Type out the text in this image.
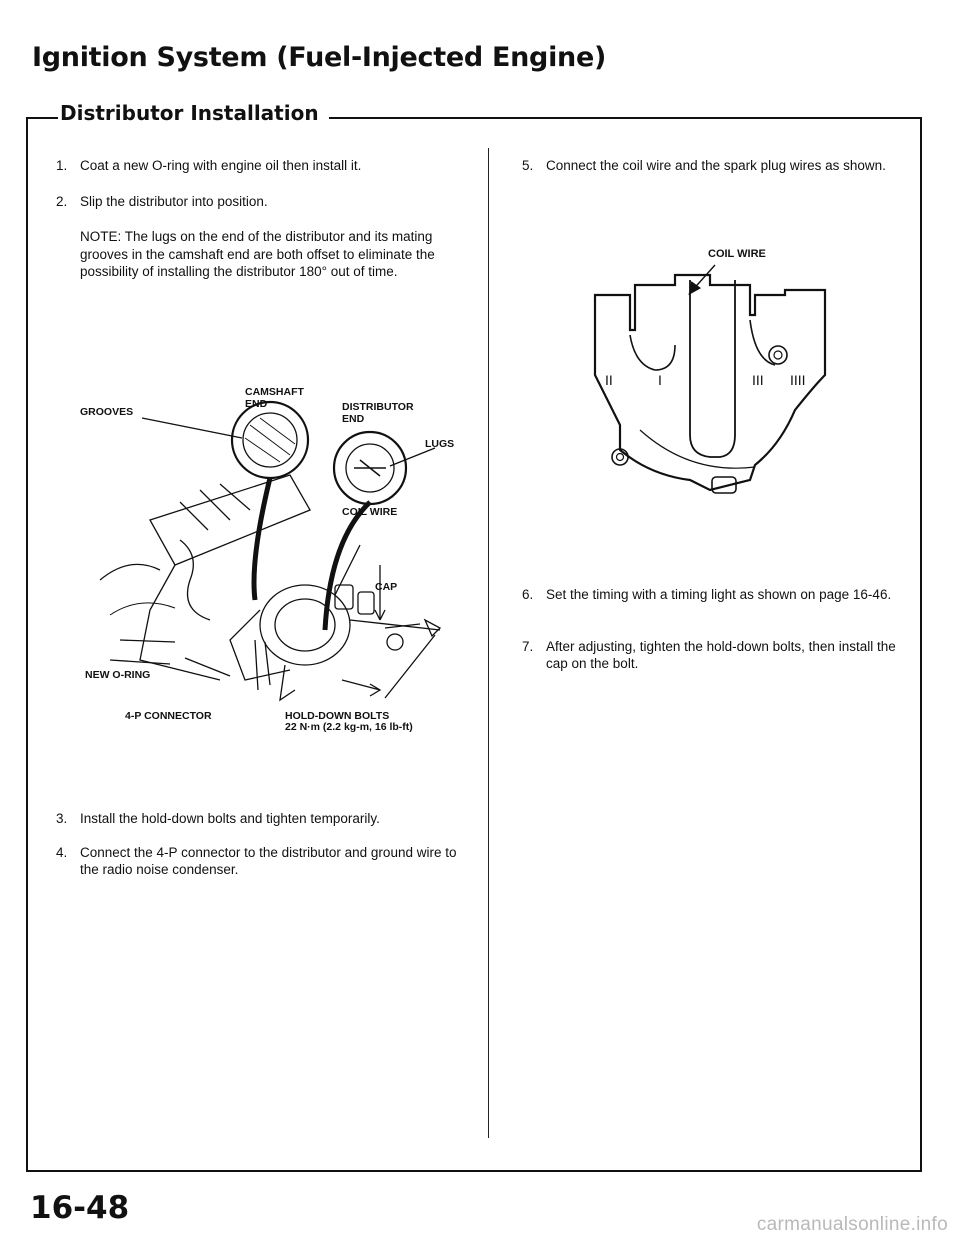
Ignition System (Fuel-Injected Engine)
Distributor Installation
1. Coat a new O-ring with engine oil then install it.
2. Slip the distributor into position.
NOTE: The lugs on the end of the distributor and its mating grooves in the camshaft end are both offset to eliminate the possibility of installing the distributor 180° out of time.
CAMSHAFT
END
GROOVES	DISTRIBUTOR
END
LUGS
COIL WIRE
CAP
NEW O-RING
4-P CONNECTOR	HOLD-DOWN BOLTS
22 N·m (2.2 kg-m, 16 lb-ft)
3. Install the hold-down bolts and tighten temporarily.
4. Connect the 4-P connector to the distributor and ground wire to the radio noise condenser.
5. Connect the coil wire and the spark plug wires as shown.
COIL WIRE
II	I	III IIII
6. Set the timing with a timing light as shown on page 16-46.
7. After adjusting, tighten the hold-down bolts, then install the cap on the bolt.

16-48	carmanualsonline.info
